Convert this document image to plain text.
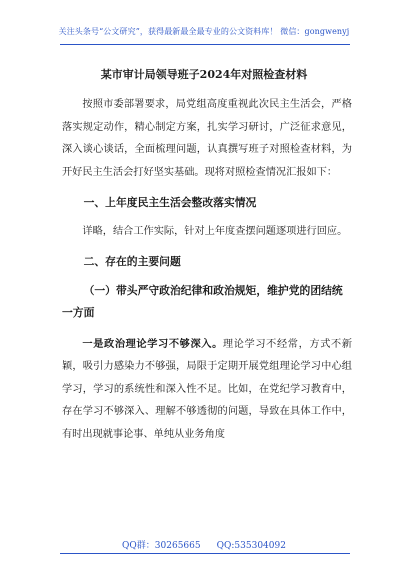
关注头条号“公文研究”，获得最新最全最专业的公文资料库！ 微信：gongwenyj
某市审计局领导班子2024年对照检查材料

按照市委部署要求，局党组高度重视此次民主生活会，严格落实规定动作，精心制定方案，扎实学习研讨，广泛征求意见，深入谈心谈话，全面梳理问题，认真撰写班子对照检查材料，为开好民主生活会打好坚实基础。现将对照检查情况汇报如下：

一、上年度民主生活会整改落实情况

详略，结合工作实际，针对上年度查摆问题逐项进行回应。

二、存在的主要问题

（一）带头严守政治纪律和政治规矩，维护党的团结统一方面

一是政治理论学习不够深入。理论学习不经常，方式不新颖，吸引力感染力不够强，局限于定期开展党组理论学习中心组学习，学习的系统性和深入性不足。比如，在党纪学习教育中，存在学习不够深入、理解不够透彻的问题，导致在具体工作中，有时出现就事论事、单纯从业务角度

QQ群：30265665 QQ:535304092
